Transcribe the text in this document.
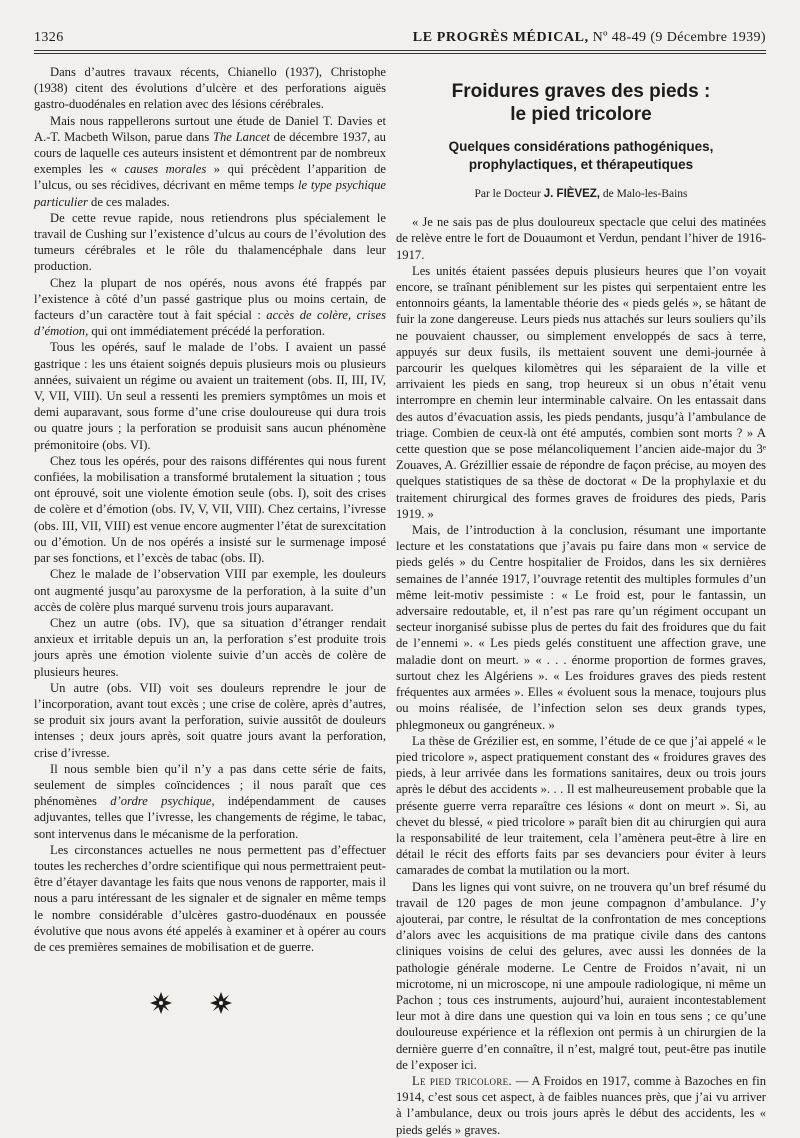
1326	LE PROGRÈS MÉDICAL, Nº 48-49 (9 Décembre 1939)

Dans d’autres travaux récents, Chianello (1937), Christophe (1938) citent des évolutions d’ulcère et des perforations aiguës gastro-duodénales en relation avec des lésions cérébrales.

Mais nous rappellerons surtout une étude de Daniel T. Davies et A.-T. Macbeth Wilson, parue dans The Lancet de décembre 1937, au cours de laquelle ces auteurs insistent et démontrent par de nombreux exemples les « causes morales » qui précèdent l’apparition de l’ulcus, ou ses récidives, décrivant en même temps le type psychique particulier de ces malades.

De cette revue rapide, nous retiendrons plus spécialement le travail de Cushing sur l’existence d’ulcus au cours de l’évolution des tumeurs cérébrales et le rôle du thalamencéphale dans leur production.

Chez la plupart de nos opérés, nous avons été frappés par l’existence à côté d’un passé gastrique plus ou moins certain, de facteurs d’un caractère tout à fait spécial : accès de colère, crises d’émotion, qui ont immédiatement précédé la perforation.

Tous les opérés, sauf le malade de l’obs. I avaient un passé gastrique : les uns étaient soignés depuis plusieurs mois ou plusieurs années, suivaient un régime ou avaient un traitement (obs. II, III, IV, V, VII, VIII). Un seul a ressenti les premiers symptômes un mois et demi auparavant, sous forme d’une crise douloureuse qui dura trois ou quatre jours ; la perforation se produisit sans aucun phénomène prémonitoire (obs. VI).

Chez tous les opérés, pour des raisons différentes qui nous furent confiées, la mobilisation a transformé brutalement la situation ; tous ont éprouvé, soit une violente émotion seule (obs. I), soit des crises de colère et d’émotion (obs. IV, V, VII, VIII). Chez certains, l’ivresse (obs. III, VII, VIII) est venue encore augmenter l’état de surexcitation ou d’émotion. Un de nos opérés a insisté sur le surmenage imposé par ses fonctions, et l’excès de tabac (obs. II).

Chez le malade de l’observation VIII par exemple, les douleurs ont augmenté jusqu’au paroxysme de la perforation, à la suite d’un accès de colère plus marqué survenu trois jours auparavant.

Chez un autre (obs. IV), que sa situation d’étranger rendait anxieux et irritable depuis un an, la perforation s’est produite trois jours après une émotion violente suivie d’un accès de colère de plusieurs heures.

Un autre (obs. VII) voit ses douleurs reprendre le jour de l’incorporation, avant tout excès ; une crise de colère, après d’autres, se produit six jours avant la perforation, suivie aussitôt de douleurs intenses ; deux jours après, soit quatre jours avant la perforation, crise d’ivresse.

Il nous semble bien qu’il n’y a pas dans cette série de faits, seulement de simples coïncidences ; il nous paraît que ces phénomènes d’ordre psychique, indépendamment de causes adjuvantes, telles que l’ivresse, les changements de régime, le tabac, sont intervenus dans le mécanisme de la perforation.

Les circonstances actuelles ne nous permettent pas d’effectuer toutes les recherches d’ordre scientifique qui nous permettraient peut-être d’étayer davantage les faits que nous venons de rapporter, mais il nous a paru intéressant de les signaler et de signaler en même temps le nombre considérable d’ulcères gastro-duodénaux en poussée évolutive que nous avons été appelés à examiner et à opérer au cours de ces premières semaines de mobilisation et de guerre.

Froidures graves des pieds :
le pied tricolore
Quelques considérations pathogéniques,
prophylactiques, et thérapeutiques
Par le Docteur J. FIÈVEZ, de Malo-les-Bains

« Je ne sais pas de plus douloureux spectacle que celui des matinées de relève entre le fort de Douaumont et Verdun, pendant l’hiver de 1916-1917.

Les unités étaient passées depuis plusieurs heures que l’on voyait encore, se traînant péniblement sur les pistes qui serpentaient entre les entonnoirs géants, la lamentable théorie des « pieds gelés », se hâtant de fuir la zone dangereuse. Leurs pieds nus attachés sur leurs souliers qu’ils ne pouvaient chausser, ou simplement enveloppés de sacs à terre, appuyés sur deux fusils, ils mettaient souvent une demi-journée à parcourir les quelques kilomètres qui les séparaient de la ville et arrivaient les pieds en sang, trop heureux si un obus n’était venu interrompre en chemin leur interminable calvaire. On les entassait dans des autos d’évacuation assis, les pieds pendants, jusqu’à l’ambulance de triage. Combien de ceux-là ont été amputés, combien sont morts ? » A cette question que se pose mélancoliquement l’ancien aide-major du 3ᵉ Zouaves, A. Grézillier essaie de répondre de façon précise, au moyen des quelques statistiques de sa thèse de doctorat « De la prophylaxie et du traitement chirurgical des formes graves de froidures des pieds, Paris 1919. »

Mais, de l’introduction à la conclusion, résumant une importante lecture et les constatations que j’avais pu faire dans mon « service de pieds gelés » du Centre hospitalier de Froidos, dans les six dernières semaines de l’année 1917, l’ouvrage retentit des multiples formules d’un même leit-motiv pessimiste : « Le froid est, pour le fantassin, un adversaire redoutable, et, il n’est pas rare qu’un régiment occupant un secteur inorganisé subisse plus de pertes du fait des froidures que du fait de l’ennemi ». « Les pieds gelés constituent une affection grave, une maladie dont on meurt. » « . . . énorme proportion de formes graves, surtout chez les Algériens ». « Les froidures graves des pieds restent fréquentes aux armées ». Elles « évoluent sous la menace, toujours plus ou moins réalisée, de l’infection selon ses deux grands types, phlegmoneux ou gangréneux. »

La thèse de Grézilier est, en somme, l’étude de ce que j’ai appelé « le pied tricolore », aspect pratiquement constant des « froidures graves des pieds, à leur arrivée dans les formations sanitaires, deux ou trois jours après le début des accidents ». . . Il est malheureusement probable que la présente guerre verra reparaître ces lésions « dont on meurt ». Si, au chevet du blessé, « pied tricolore » paraît bien dit au chirurgien qui aura la responsabilité de leur traitement, cela l’amènera peut-être à lire en détail le récit des efforts faits par ses devanciers pour éviter à leurs camarades de combat la mutilation ou la mort.

Dans les lignes qui vont suivre, on ne trouvera qu’un bref résumé du travail de 120 pages de mon jeune compagnon d’ambulance. J’y ajouterai, par contre, le résultat de la confrontation de mes conceptions d’alors avec les acquisitions de ma pratique civile dans des cantons cliniques voisins de celui des gelures, avec aussi les données de la pathologie générale moderne. Le Centre de Froidos n’avait, ni un microtome, ni un microscope, ni une ampoule radiologique, ni même un Pachon ; tous ces instruments, aujourd’hui, auraient incontestablement leur mot à dire dans une question qui va loin en tous sens ; ce qu’une douloureuse expérience et la réflexion ont permis à un chirurgien de la dernière guerre d’en connaître, il n’est, malgré tout, peut-être pas inutile de l’exposer ici.

Le pied tricolore. — A Froidos en 1917, comme à Bazoches en fin 1914, c’est sous cet aspect, à de faibles nuances près, que j’ai vu arriver à l’ambulance, deux ou trois jours après le début des accidents, les « pieds gelés » graves.
